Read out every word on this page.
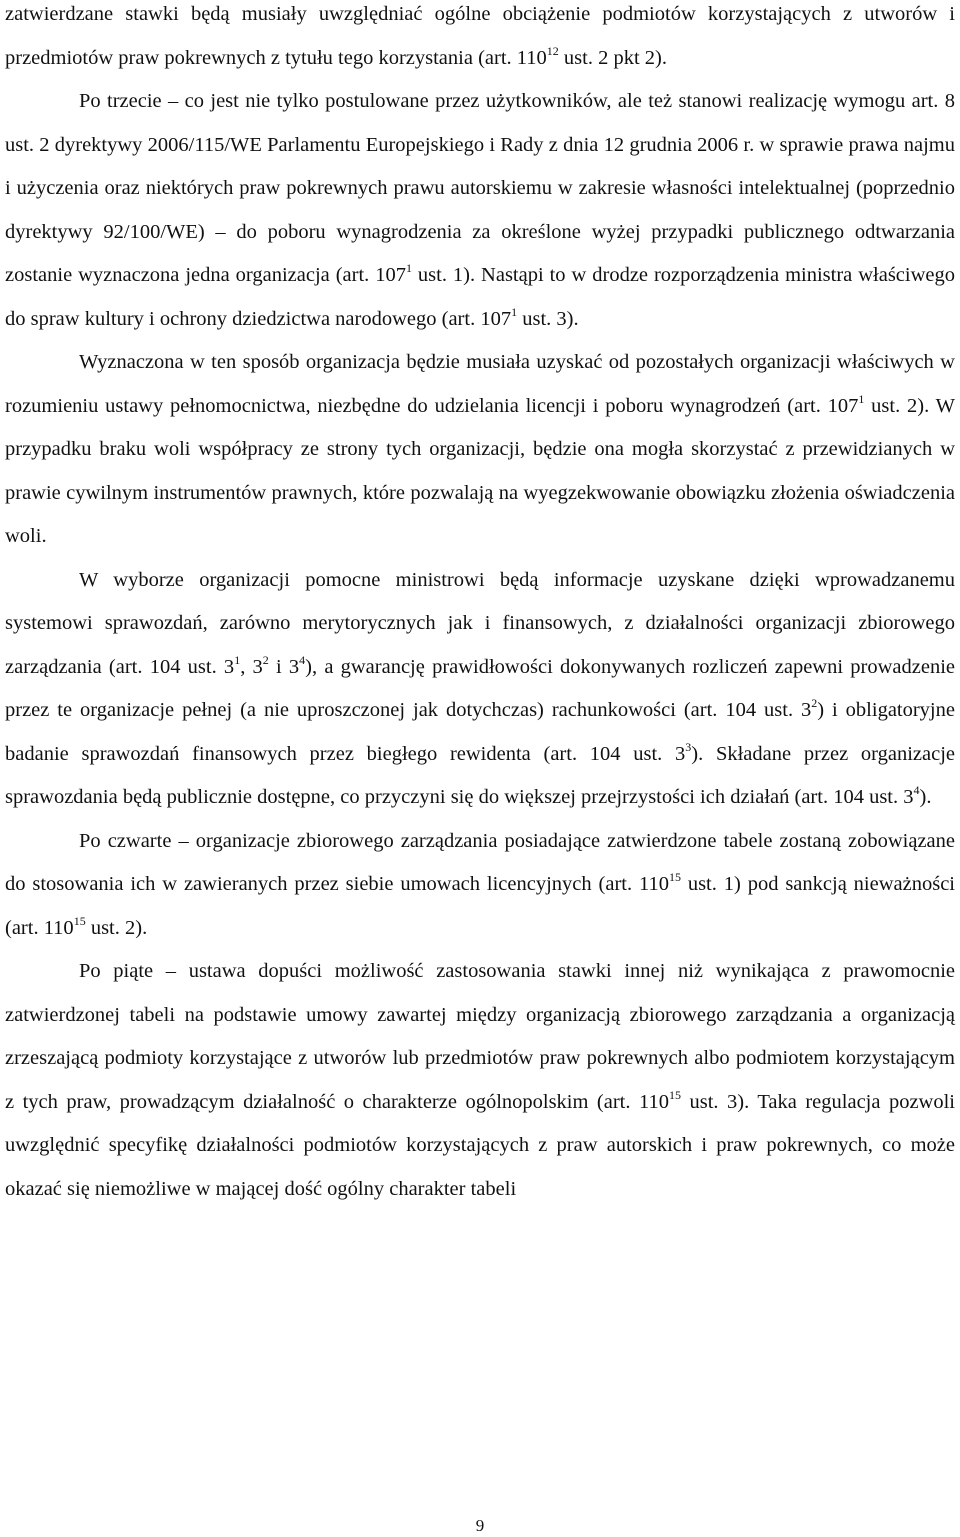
zatwierdzane stawki będą musiały uwzględniać ogólne obciążenie podmiotów korzystających z utworów i przedmiotów praw pokrewnych z tytułu tego korzystania (art. $110^{12}$ ust. 2 pkt 2).

Po trzecie – co jest nie tylko postulowane przez użytkowników, ale też stanowi realizację wymogu art. 8 ust. 2 dyrektywy 2006/115/WE Parlamentu Europejskiego i Rady z dnia 12 grudnia 2006 r. w sprawie prawa najmu i użyczenia oraz niektórych praw pokrewnych prawu autorskiemu w zakresie własności intelektualnej (poprzednio dyrektywy 92/100/WE) – do poboru wynagrodzenia za określone wyżej przypadki publicznego odtwarzania zostanie wyznaczona jedna organizacja (art. $107^1$ ust. 1). Nastąpi to w drodze rozporządzenia ministra właściwego do spraw kultury i ochrony dziedzictwa narodowego (art. $107^1$ ust. 3).

Wyznaczona w ten sposób organizacja będzie musiała uzyskać od pozostałych organizacji właściwych w rozumieniu ustawy pełnomocnictwa, niezbędne do udzielania licencji i poboru wynagrodzeń (art. $107^1$ ust. 2). W przypadku braku woli współpracy ze strony tych organizacji, będzie ona mogła skorzystać z przewidzianych w prawie cywilnym instrumentów prawnych, które pozwalają na wyegzekwowanie obowiązku złożenia oświadczenia woli.

W wyborze organizacji pomocne ministrowi będą informacje uzyskane dzięki wprowadzanemu systemowi sprawozdań, zarówno merytorycznych jak i finansowych, z działalności organizacji zbiorowego zarządzania (art. 104 ust. $3^1$, $3^2$ i $3^4$), a gwarancję prawidłowości dokonywanych rozliczeń zapewni prowadzenie przez te organizacje pełnej (a nie uproszczonej jak dotychczas) rachunkowości (art. 104 ust. $3^2$) i obligatoryjne badanie sprawozdań finansowych przez biegłego rewidenta (art. 104 ust. $3^3$). Składane przez organizacje sprawozdania będą publicznie dostępne, co przyczyni się do większej przejrzystości ich działań (art. 104 ust. $3^4$).

Po czwarte – organizacje zbiorowego zarządzania posiadające zatwierdzone tabele zostaną zobowiązane do stosowania ich w zawieranych przez siebie umowach licencyjnych (art. $110^{15}$ ust. 1) pod sankcją nieważności (art. $110^{15}$ ust. 2).

Po piąte – ustawa dopuści możliwość zastosowania stawki innej niż wynikająca z prawomocnie zatwierdzonej tabeli na podstawie umowy zawartej między organizacją zbiorowego zarządzania a organizacją zrzeszającą podmioty korzystające z utworów lub przedmiotów praw pokrewnych albo podmiotem korzystającym z tych praw, prowadzącym działalność o charakterze ogólnopolskim (art. $110^{15}$ ust. 3). Taka regulacja pozwoli uwzględnić specyfikę działalności podmiotów korzystających z praw autorskich i praw pokrewnych, co może okazać się niemożliwe w mającej dość ogólny charakter tabeli

9
